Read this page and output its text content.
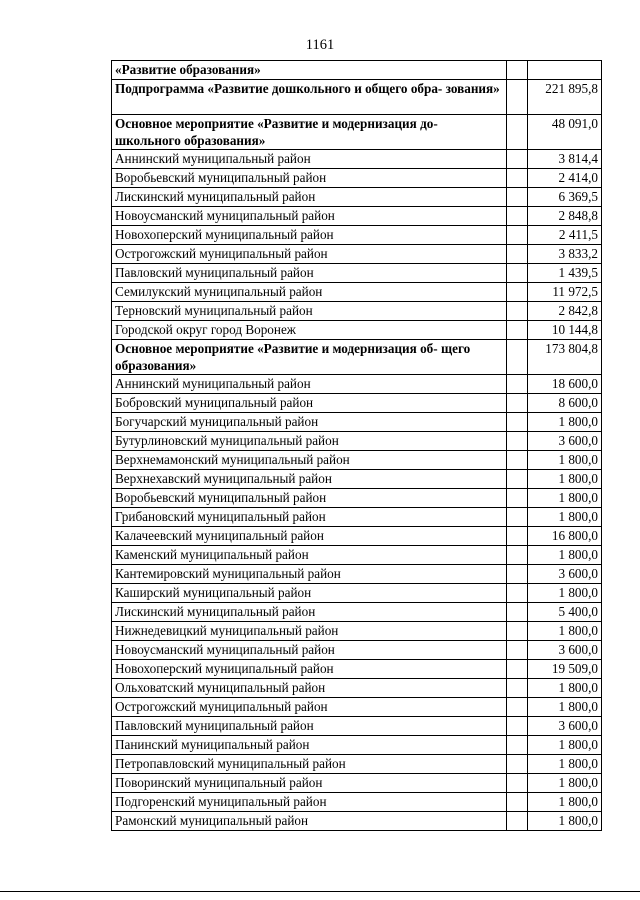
1161
«Развитие образования»		
Подпрограмма «Развитие дошкольного и общего обра- зования»		221 895,8
Основное мероприятие «Развитие и модернизация до- школьного образования»		48 091,0
Аннинский муниципальный район		3 814,4
Воробьевский муниципальный район		2 414,0
Лискинский муниципальный район		6 369,5
Новоусманский муниципальный район		2 848,8
Новохоперский муниципальный район		2 411,5
Острогожский муниципальный район		3 833,2
Павловский муниципальный район		1 439,5
Семилукский муниципальный район		11 972,5
Терновский муниципальный район		2 842,8
Городской округ город Воронеж		10 144,8
Основное мероприятие «Развитие и модернизация об- щего образования»		173 804,8
Аннинский муниципальный район		18 600,0
Бобровский муниципальный район		8 600,0
Богучарский муниципальный район		1 800,0
Бутурлиновский муниципальный район		3 600,0
Верхнемамонский муниципальный район		1 800,0
Верхнехавский муниципальный район		1 800,0
Воробьевский муниципальный район		1 800,0
Грибановский муниципальный район		1 800,0
Калачеевский муниципальный район		16 800,0
Каменский муниципальный район		1 800,0
Кантемировский муниципальный район		3 600,0
Каширский муниципальный район		1 800,0
Лискинский муниципальный район		5 400,0
Нижнедевицкий муниципальный район		1 800,0
Новоусманский муниципальный район		3 600,0
Новохоперский муниципальный район		19 509,0
Ольховатский муниципальный район		1 800,0
Острогожский муниципальный район		1 800,0
Павловский муниципальный район		3 600,0
Панинский муниципальный район		1 800,0
Петропавловский муниципальный район		1 800,0
Поворинский муниципальный район		1 800,0
Подгоренский муниципальный район		1 800,0
Рамонский муниципальный район		1 800,0
